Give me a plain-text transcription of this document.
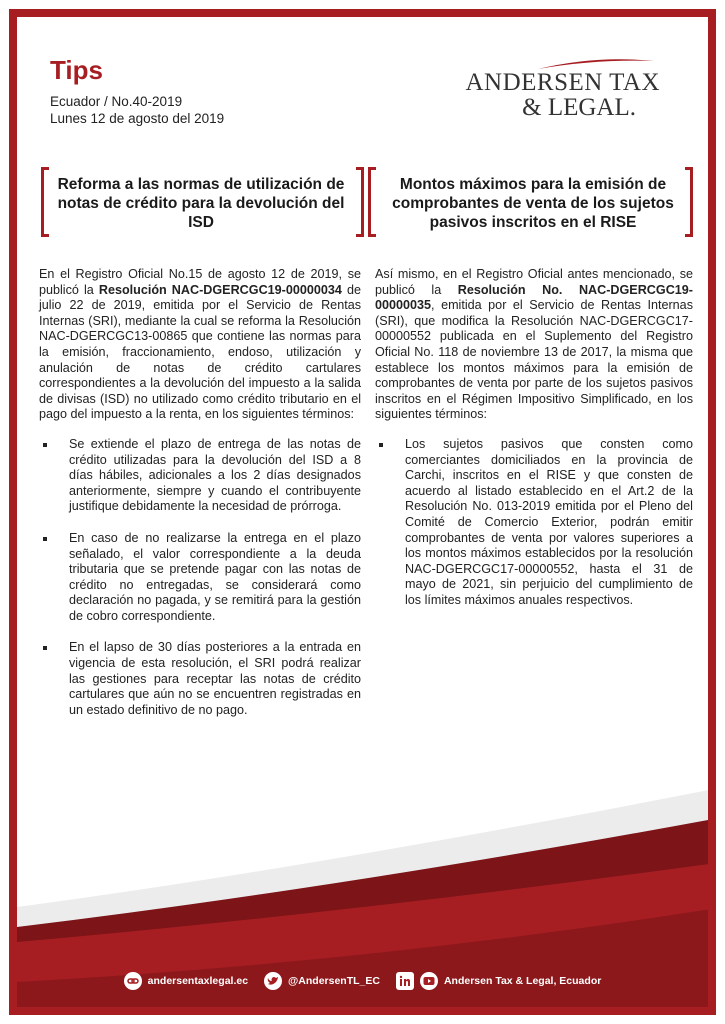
Tips
Ecuador / No.40-2019
Lunes 12 de agosto del 2019
ANDERSEN TAX
& LEGAL.
Reforma a las normas de utilización de notas de crédito para la devolución del ISD
Montos máximos para la emisión de comprobantes de venta de los sujetos pasivos inscritos en el RISE

En el Registro Oficial No.15 de agosto 12 de 2019, se publicó la Resolución NAC-DGERCGC19-00000034 de julio 22 de 2019, emitida por el Servicio de Rentas Internas (SRI), mediante la cual se reforma la Resolución NAC-DGERCGC13-00865 que contiene las normas para la emisión, fraccionamiento, endoso, utilización y anulación de notas de crédito cartulares correspondientes a la devolución del impuesto a la salida de divisas (ISD) no utilizado como crédito tributario en el pago del impuesto a la renta, en los siguientes términos:

Se extiende el plazo de entrega de las notas de crédito utilizadas para la devolución del ISD a 8 días hábiles, adicionales a los 2 días designados anteriormente, siempre y cuando el contribuyente justifique debidamente la necesidad de prórroga.
En caso de no realizarse la entrega en el plazo señalado, el valor correspondiente a la deuda tributaria que se pretende pagar con las notas de crédito no entregadas, se considerará como declaración no pagada, y se remitirá para la gestión de cobro correspondiente.
En el lapso de 30 días posteriores a la entrada en vigencia de esta resolución, el SRI podrá realizar las gestiones para receptar las notas de crédito cartulares que aún no se encuentren registradas en un estado definitivo de no pago.

Así mismo, en el Registro Oficial antes mencionado, se publicó la Resolución No. NAC-DGERCGC19-00000035, emitida por el Servicio de Rentas Internas (SRI), que modifica la Resolución NAC-DGERCGC17-00000552 publicada en el Suplemento del Registro Oficial No. 118 de noviembre 13 de 2017, la misma que establece los montos máximos para la emisión de comprobantes de venta por parte de los sujetos pasivos inscritos en el Régimen Impositivo Simplificado, en los siguientes términos:

Los sujetos pasivos que consten como comerciantes domiciliados en la provincia de Carchi, inscritos en el RISE y que consten de acuerdo al listado establecido en el Art.2 de la Resolución No. 013-2019 emitida por el Pleno del Comité de Comercio Exterior, podrán emitir comprobantes de venta por valores superiores a los montos máximos establecidos por la resolución NAC-DGERCGC17-00000552, hasta el 31 de mayo de 2021, sin perjuicio del cumplimiento de los límites máximos anuales respectivos.
andersentaxlegal.ec	@AndersenTL_EC	Andersen Tax & Legal, Ecuador
